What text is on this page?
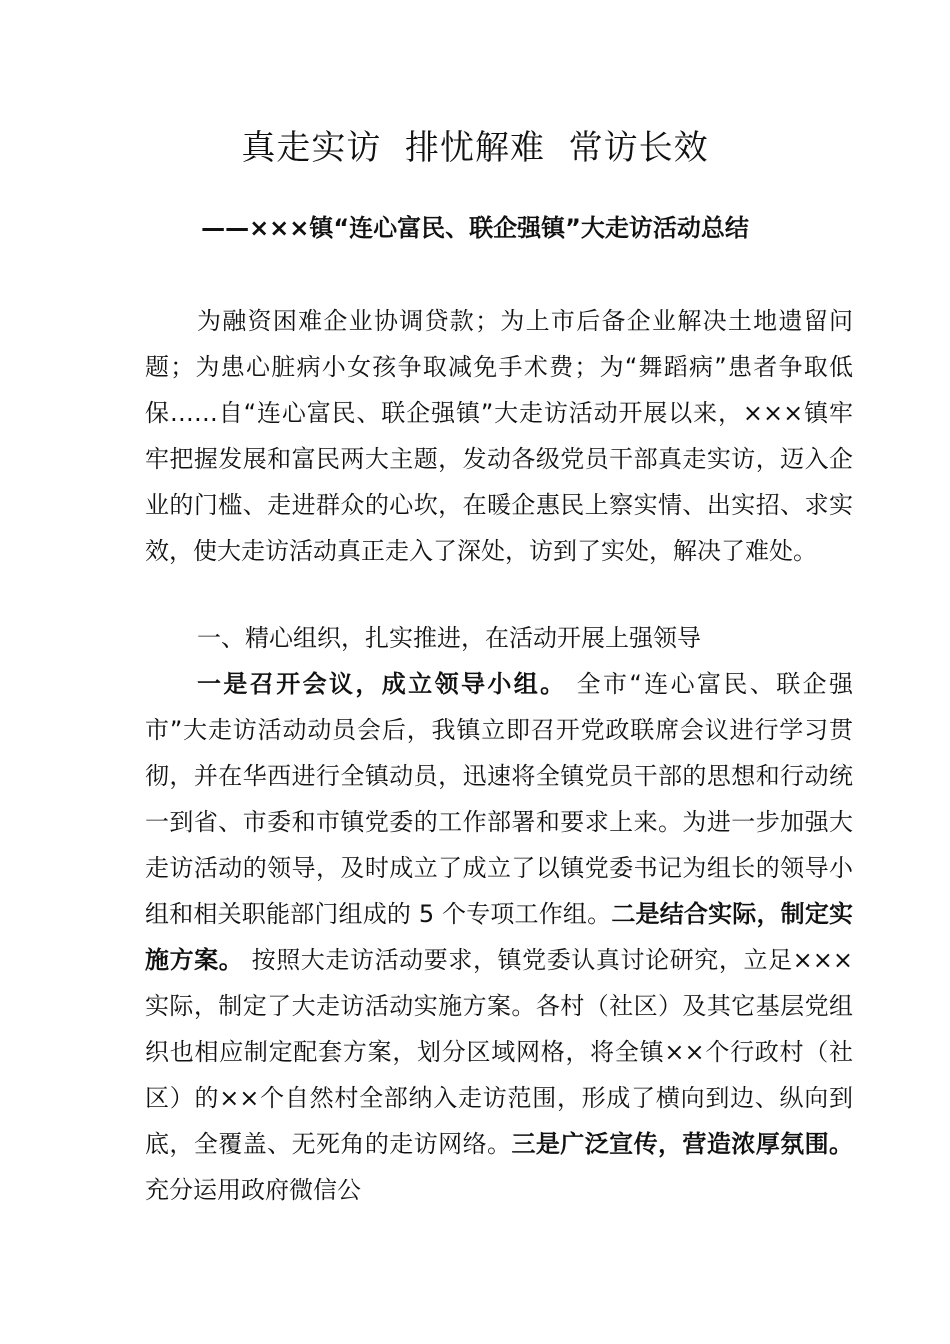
真走实访  排忧解难  常访长效
——×××镇“连心富民、联企强镇”大走访活动总结
为融资困难企业协调贷款；为上市后备企业解决土地遗留问题；为患心脏病小女孩争取减免手术费；为“舞蹈病”患者争取低保……自“连心富民、联企强镇”大走访活动开展以来，×××镇牢牢把握发展和富民两大主题，发动各级党员干部真走实访，迈入企业的门槛、走进群众的心坎，在暖企惠民上察实情、出实招、求实效，使大走访活动真正走入了深处，访到了实处，解决了难处。
一、精心组织，扎实推进，在活动开展上强领导
一是召开会议，成立领导小组。 全市“连心富民、联企强市”大走访活动动员会后，我镇立即召开党政联席会议进行学习贯彻，并在华西进行全镇动员，迅速将全镇党员干部的思想和行动统一到省、市委和市镇党委的工作部署和要求上来。为进一步加强大走访活动的领导，及时成立了成立了以镇党委书记为组长的领导小组和相关职能部门组成的 5 个专项工作组。二是结合实际，制定实施方案。 按照大走访活动要求，镇党委认真讨论研究，立足×××实际，制定了大走访活动实施方案。各村（社区）及其它基层党组织也相应制定配套方案，划分区域网格，将全镇××个行政村（社区）的××个自然村全部纳入走访范围，形成了横向到边、纵向到底，全覆盖、无死角的走访网络。三是广泛宣传，营造浓厚氛围。 充分运用政府微信公
